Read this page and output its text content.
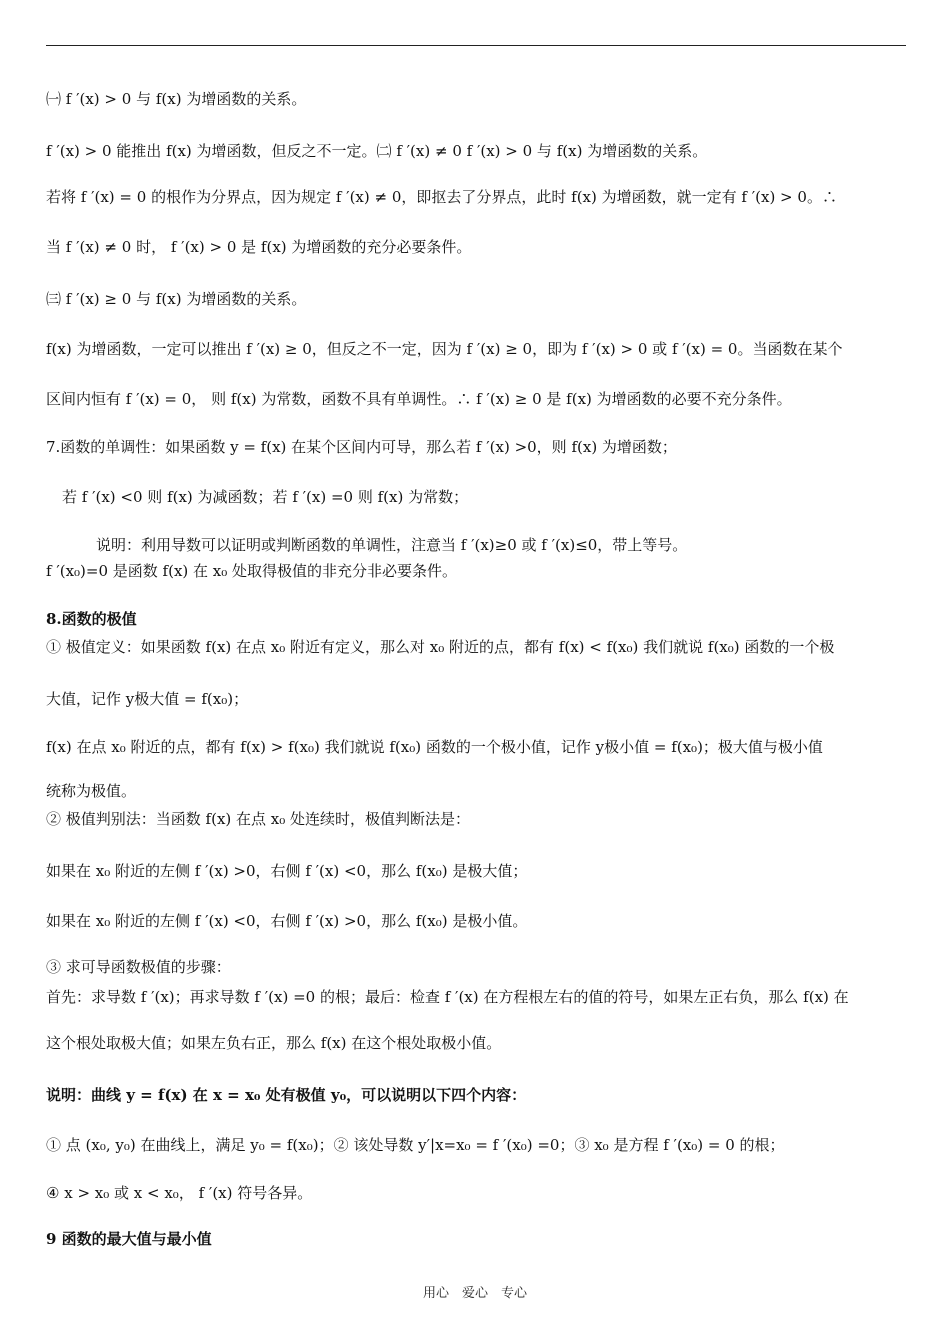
㈠ f ′(x) > 0 与 f(x) 为增函数的关系。
f ′(x) > 0 能推出 f(x) 为增函数，但反之不一定。㈡ f ′(x) ≠ 0 f ′(x) > 0 与 f(x) 为增函数的关系。
若将 f ′(x) = 0 的根作为分界点，因为规定 f ′(x) ≠ 0，即抠去了分界点，此时 f(x) 为增函数，就一定有 f ′(x) > 0。∴
当 f ′(x) ≠ 0 时， f ′(x) > 0 是 f(x) 为增函数的充分必要条件。
㈢ f ′(x) ≥ 0 与 f(x) 为增函数的关系。
f(x) 为增函数，一定可以推出 f ′(x) ≥ 0，但反之不一定，因为 f ′(x) ≥ 0，即为 f ′(x) > 0 或 f ′(x) = 0。当函数在某个
区间内恒有 f ′(x) = 0， 则 f(x) 为常数，函数不具有单调性。∴ f ′(x) ≥ 0 是 f(x) 为增函数的必要不充分条件。
7.函数的单调性：如果函数 y = f(x) 在某个区间内可导，那么若 f ′(x) >0，则 f(x) 为增函数；
若 f ′(x) <0 则 f(x) 为减函数；若 f ′(x) =0 则 f(x) 为常数；
说明：利用导数可以证明或判断函数的单调性，注意当 f ′(x)≥0 或 f ′(x)≤0，带上等号。
f ′(x₀)=0 是函数 f(x) 在 x₀ 处取得极值的非充分非必要条件。
8.函数的极值
① 极值定义：如果函数 f(x) 在点 x₀ 附近有定义，那么对 x₀ 附近的点，都有 f(x) < f(x₀) 我们就说 f(x₀) 函数的一个极
大值，记作 y极大值 = f(x₀)；
f(x) 在点 x₀ 附近的点，都有 f(x) > f(x₀) 我们就说 f(x₀) 函数的一个极小值，记作 y极小值 = f(x₀)；极大值与极小值
统称为极值。
② 极值判别法：当函数 f(x) 在点 x₀ 处连续时，极值判断法是：
如果在 x₀ 附近的左侧 f ′(x) >0，右侧 f ′(x) <0，那么 f(x₀) 是极大值；
如果在 x₀ 附近的左侧 f ′(x) <0，右侧 f ′(x) >0，那么 f(x₀) 是极小值。
③ 求可导函数极值的步骤：
首先：求导数 f ′(x)；再求导数 f ′(x) =0 的根；最后：检查 f ′(x) 在方程根左右的值的符号，如果左正右负，那么 f(x) 在
这个根处取极大值；如果左负右正，那么 f(x) 在这个根处取极小值。
说明：曲线 y = f(x) 在 x = x₀ 处有极值 y₀，可以说明以下四个内容：
① 点 (x₀, y₀) 在曲线上，满足 y₀ = f(x₀)；② 该处导数 y′|x=x₀ = f ′(x₀) =0；③ x₀ 是方程 f ′(x₀) = 0 的根；
④ x > x₀ 或 x < x₀， f ′(x) 符号各异。
9 函数的最大值与最小值
用心　爱心　专心
